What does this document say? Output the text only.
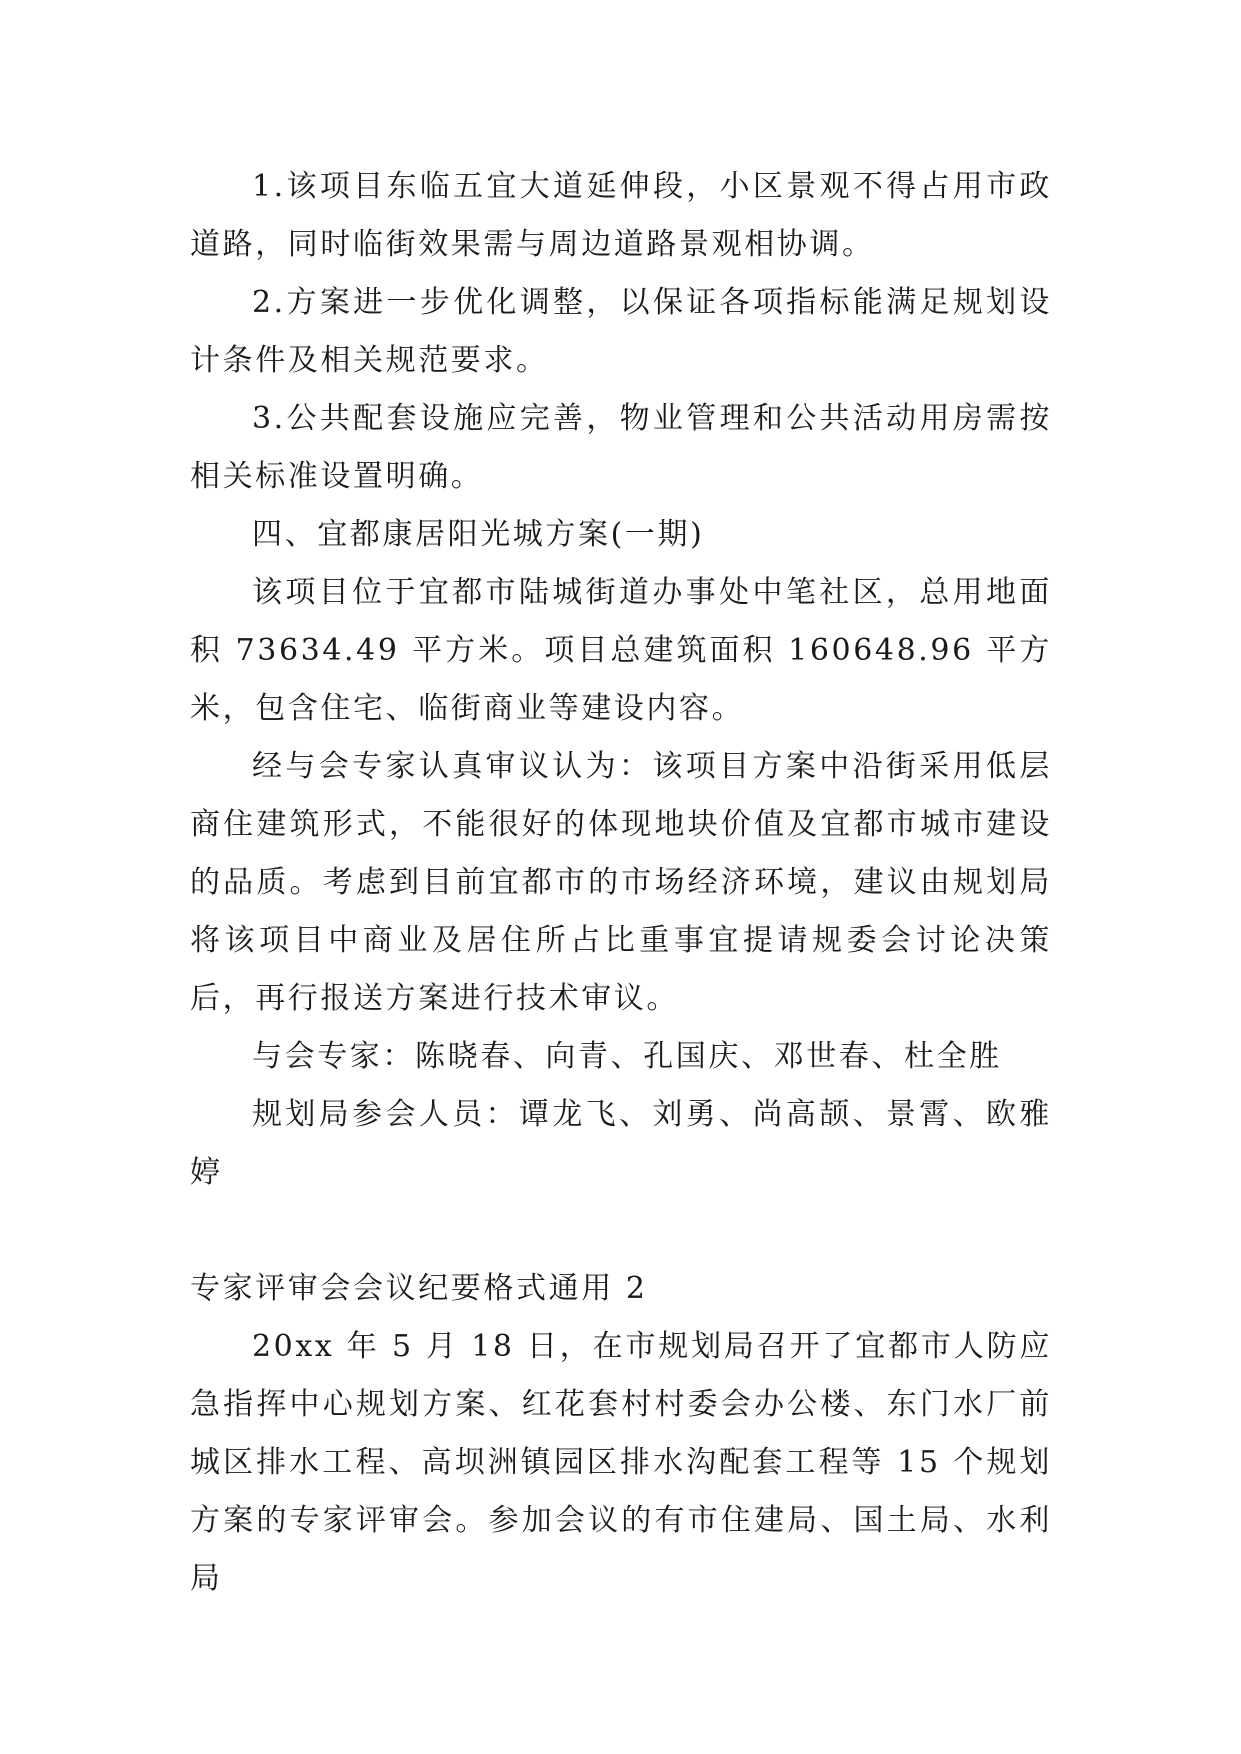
1.该项目东临五宜大道延伸段，小区景观不得占用市政道路，同时临街效果需与周边道路景观相协调。

2.方案进一步优化调整，以保证各项指标能满足规划设计条件及相关规范要求。

3.公共配套设施应完善，物业管理和公共活动用房需按相关标准设置明确。

四、宜都康居阳光城方案(一期)

该项目位于宜都市陆城街道办事处中笔社区，总用地面积 73634.49 平方米。项目总建筑面积 160648.96 平方米，包含住宅、临街商业等建设内容。

经与会专家认真审议认为：该项目方案中沿街采用低层商住建筑形式，不能很好的体现地块价值及宜都市城市建设的品质。考虑到目前宜都市的市场经济环境，建议由规划局将该项目中商业及居住所占比重事宜提请规委会讨论决策后，再行报送方案进行技术审议。

与会专家：陈晓春、向青、孔国庆、邓世春、杜全胜

规划局参会人员：谭龙飞、刘勇、尚高颉、景霄、欧雅婷

专家评审会会议纪要格式通用 2

20xx 年 5 月 18 日，在市规划局召开了宜都市人防应急指挥中心规划方案、红花套村村委会办公楼、东门水厂前城区排水工程、高坝洲镇园区排水沟配套工程等 15 个规划方案的专家评审会。参加会议的有市住建局、国土局、水利局
